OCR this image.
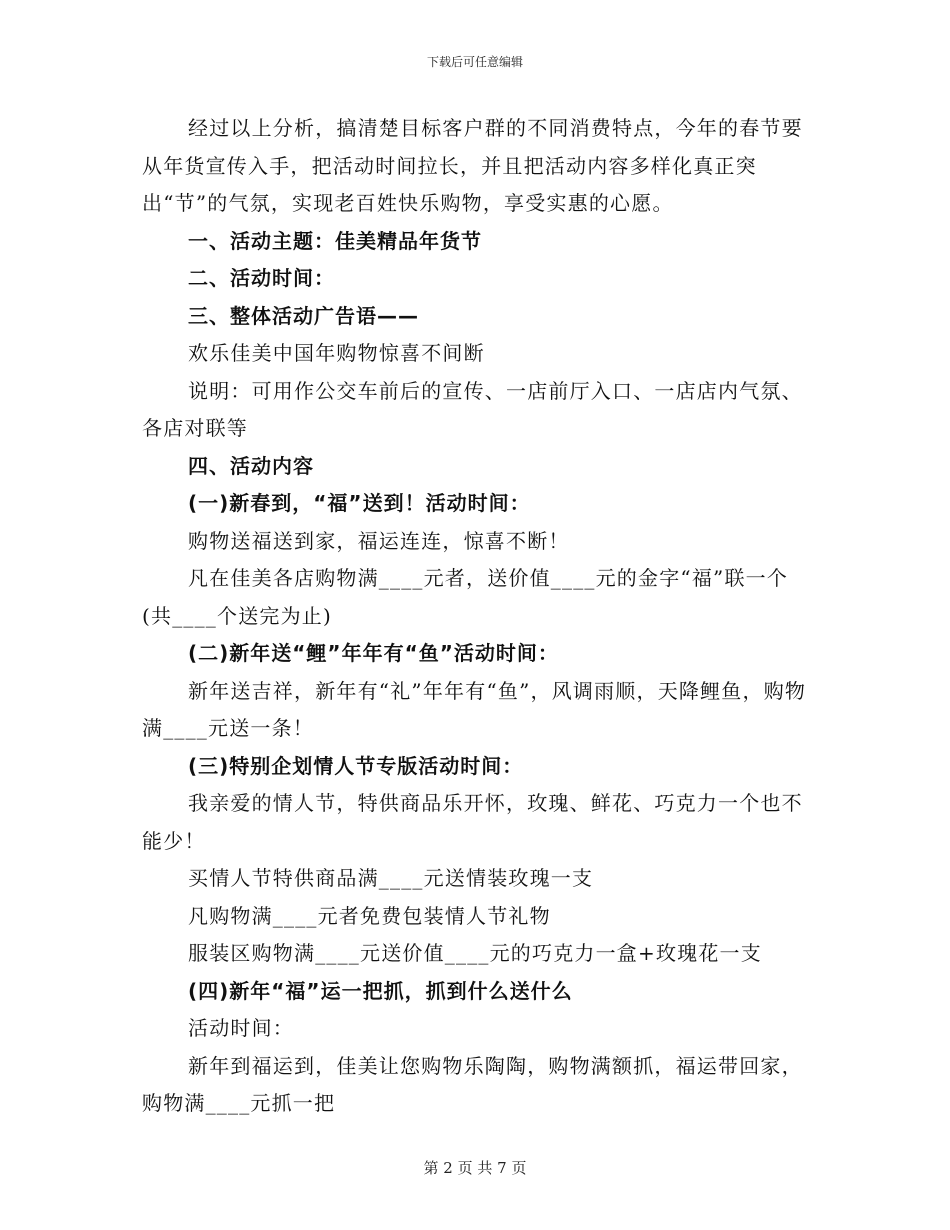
下载后可任意编辑

经过以上分析，搞清楚目标客户群的不同消费特点，今年的春节要从年货宣传入手，把活动时间拉长，并且把活动内容多样化真正突出“节”的气氛，实现老百姓快乐购物，享受实惠的心愿。

一、活动主题：佳美精品年货节

二、活动时间：

三、整体活动广告语——

欢乐佳美中国年购物惊喜不间断

说明：可用作公交车前后的宣传、一店前厅入口、一店店内气氛、各店对联等

四、活动内容

(一)新春到，“福”送到！活动时间：

购物送福送到家，福运连连，惊喜不断！

凡在佳美各店购物满____元者，送价值____元的金字“福”联一个(共____个送完为止)

(二)新年送“鲤”年年有“鱼”活动时间：

新年送吉祥，新年有“礼”年年有“鱼”，风调雨顺，天降鲤鱼，购物满____元送一条！

(三)特别企划情人节专版活动时间：

我亲爱的情人节，特供商品乐开怀，玫瑰、鲜花、巧克力一个也不能少！

买情人节特供商品满____元送情装玫瑰一支

凡购物满____元者免费包装情人节礼物

服装区购物满____元送价值____元的巧克力一盒+玫瑰花一支

(四)新年“福”运一把抓，抓到什么送什么

活动时间：

新年到福运到，佳美让您购物乐陶陶，购物满额抓，福运带回家，购物满____元抓一把

第 2 页 共 7 页
